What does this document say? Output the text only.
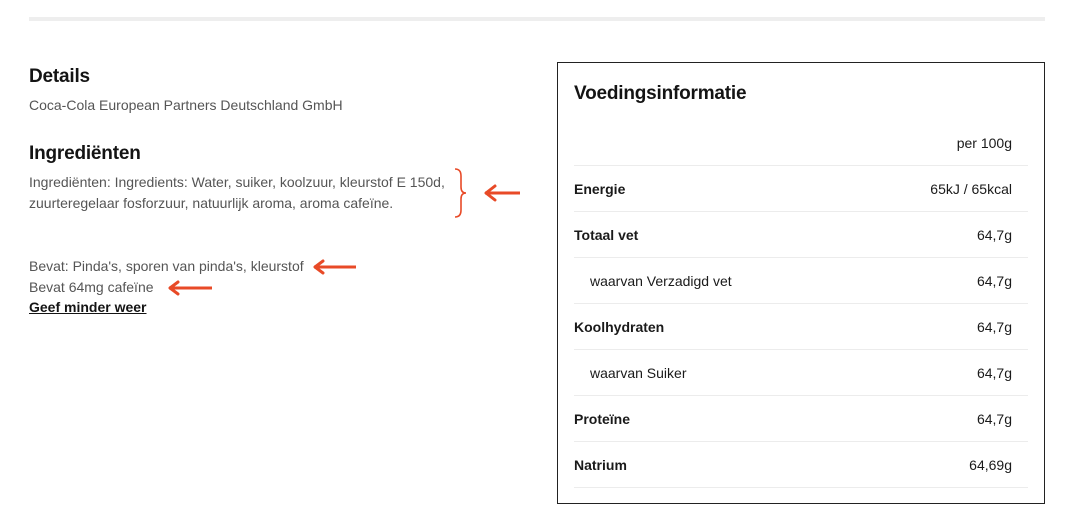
Details
Coca-Cola European Partners Deutschland GmbH
Ingrediënten
Ingrediënten: Ingredients: Water, suiker, koolzuur, kleurstof E 150d,
zuurteregelaar fosforzuur, natuurlijk aroma, aroma cafeïne.
Bevat: Pinda's, sporen van pinda's, kleurstof
Bevat 64mg cafeïne
Geef minder weer
Voedingsinformatie
per 100g
Energie	65kJ / 65kcal
Totaal vet	64,7g
waarvan Verzadigd vet	64,7g
Koolhydraten	64,7g
waarvan Suiker	64,7g
Proteïne	64,7g
Natrium	64,69g
